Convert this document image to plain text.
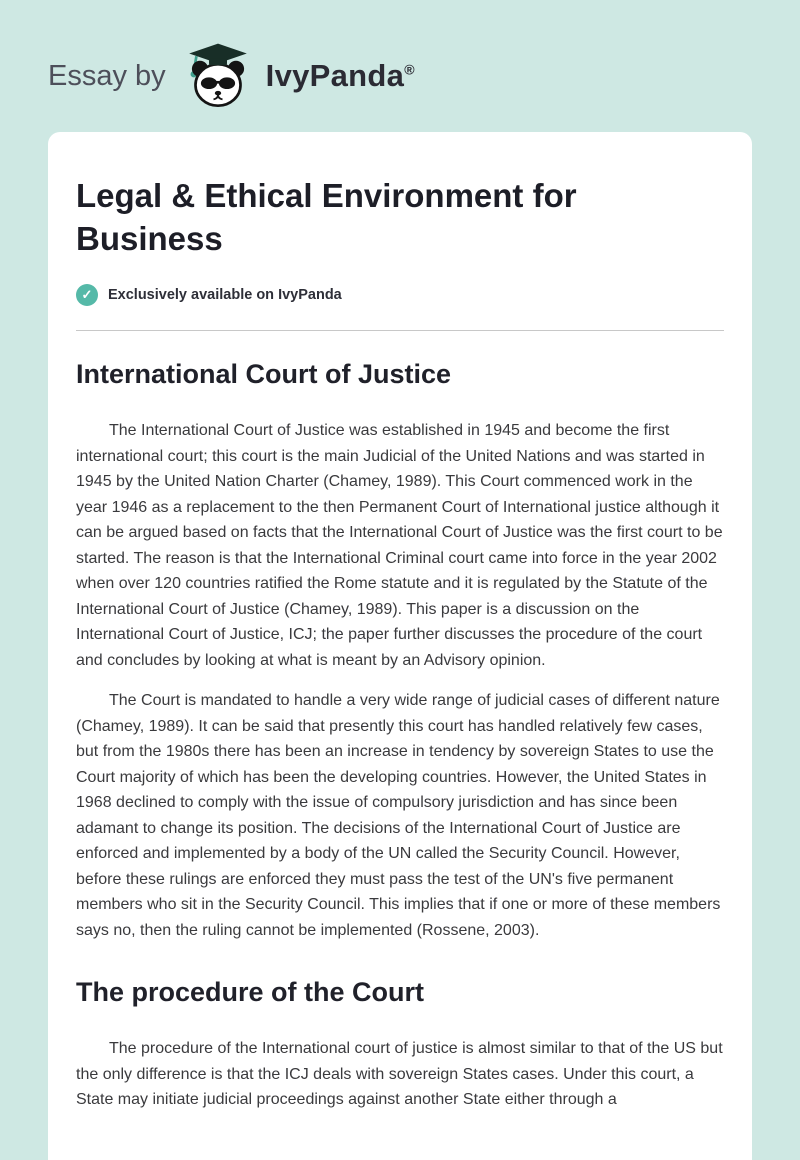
Essay by	IvyPanda®
Legal & Ethical Environment for Business
✓	Exclusively available on IvyPanda
International Court of Justice

The International Court of Justice was established in 1945 and become the first international court; this court is the main Judicial of the United Nations and was started in 1945 by the United Nation Charter (Chamey, 1989). This Court commenced work in the year 1946 as a replacement to the then Permanent Court of International justice although it can be argued based on facts that the International Court of Justice was the first court to be started. The reason is that the International Criminal court came into force in the year 2002 when over 120 countries ratified the Rome statute and it is regulated by the Statute of the International Court of Justice (Chamey, 1989). This paper is a discussion on the International Court of Justice, ICJ; the paper further discusses the procedure of the court and concludes by looking at what is meant by an Advisory opinion.

The Court is mandated to handle a very wide range of judicial cases of different nature (Chamey, 1989). It can be said that presently this court has handled relatively few cases, but from the 1980s there has been an increase in tendency by sovereign States to use the Court majority of which has been the developing countries. However, the United States in 1968 declined to comply with the issue of compulsory jurisdiction and has since been adamant to change its position. The decisions of the International Court of Justice are enforced and implemented by a body of the UN called the Security Council. However, before these rulings are enforced they must pass the test of the UN's five permanent members who sit in the Security Council. This implies that if one or more of these members says no, then the ruling cannot be implemented (Rossene, 2003).

The procedure of the Court

The procedure of the International court of justice is almost similar to that of the US but the only difference is that the ICJ deals with sovereign States cases. Under this court, a State may initiate judicial proceedings against another State either through a
